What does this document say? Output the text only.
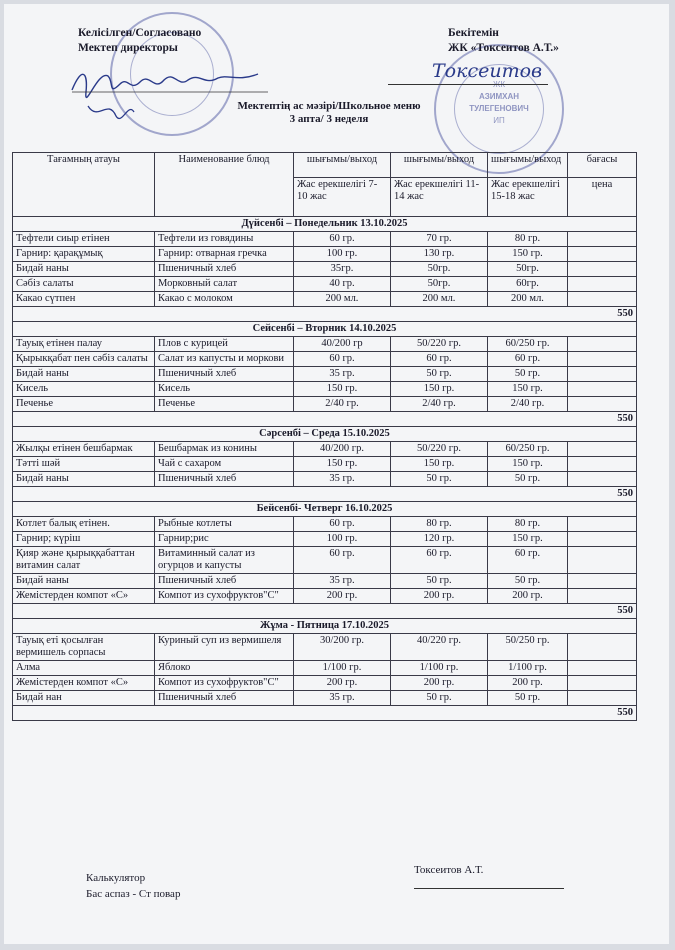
Келісілген/Согласовано
Мектеп директоры
ЖК
АЗИМХАН
ТУЛЕГЕНОВИЧ
ИП
Бекітемін
ЖК «Токсеитов А.Т.»
Токсеитов
Мектептің ас мәзірі/Школьное меню
3 апта/ 3 неделя
Тағамның атауы	Наименование блюд	шығымы/выход	шығымы/выход	шығымы/выход	бағасы
		Жас ерекшелігі 7-10 жас	Жас ерекшелігі 11-14 жас	Жас ерекшелігі 15-18 жас	цена
Дүйсенбі – Понедельник 13.10.2025					
Тефтели сиыр етінен	Тефтели из говядины	60 гр.	70 гр.	80 гр.	
Гарнир: қарақұмық	Гарнир: отварная гречка	100 гр.	130 гр.	150 гр.	
Бидай наны	Пшеничный хлеб	35гр.	50гр.	50гр.	
Сәбіз салаты	Морковный салат	40 гр.	50гр.	60гр.	
Какао сүтпен	Какао с молоком	200 мл.	200 мл.	200 мл.	
550					
Сейсенбі – Вторник 14.10.2025					
Тауық етінен палау	Плов с курицей	40/200 гр	50/220 гр.	60/250 гр.	
Қырыкқабат пен сәбіз салаты	Салат из капусты и моркови	60 гр.	60 гр.	60 гр.	
Бидай наны	Пшеничный хлеб	35 гр.	50 гр.	50 гр.	
Кисель	Кисель	150 гр.	150 гр.	150 гр.	
Печенье	Печенье	2/40 гр.	2/40 гр.	2/40 гр.	
550					
Сәрсенбі – Среда 15.10.2025					
Жылқы етінен бешбармак	Бешбармак из конины	40/200 гр.	50/220 гр.	60/250 гр.	
Тәтті шәй	Чай с сахаром	150 гр.	150 гр.	150 гр.	
Бидай наны	Пшеничный хлеб	35 гр.	50 гр.	50 гр.	
550					
Бейсенбі- Четверг 16.10.2025					
Котлет балық етінен.	Рыбные котлеты	60 гр.	80 гр.	80 гр.	
Гарнир; күріш	Гарнир;рис	100 гр.	120 гр.	150 гр.	
Қияр және қырыққабаттан витамин салат	Витаминный салат из огурцов и капусты	60 гр.	60 гр.	60 гр.	
Бидай наны	Пшеничный хлеб	35 гр.	50 гр.	50 гр.	
Жемістерден компот «С»	Компот из сухофруктов"С"	200 гр.	200 гр.	200 гр.	
550					
Жұма - Пятница 17.10.2025					
Тауық еті қосылған вермишель сорпасы	Куриный суп из вермишеля	30/200 гр.	40/220 гр.	50/250 гр.	
Алма	Яблоко	1/100 гр.	1/100 гр.	1/100 гр.	
Жемістерден компот «С»	Компот из сухофруктов"С"	200 гр.	200 гр.	200 гр.	
Бидай нан	Пшеничный хлеб	35 гр.	50 гр.	50 гр.	
550					
Калькулятор
Бас аспаз - Ст повар
Токсеитов А.Т.
